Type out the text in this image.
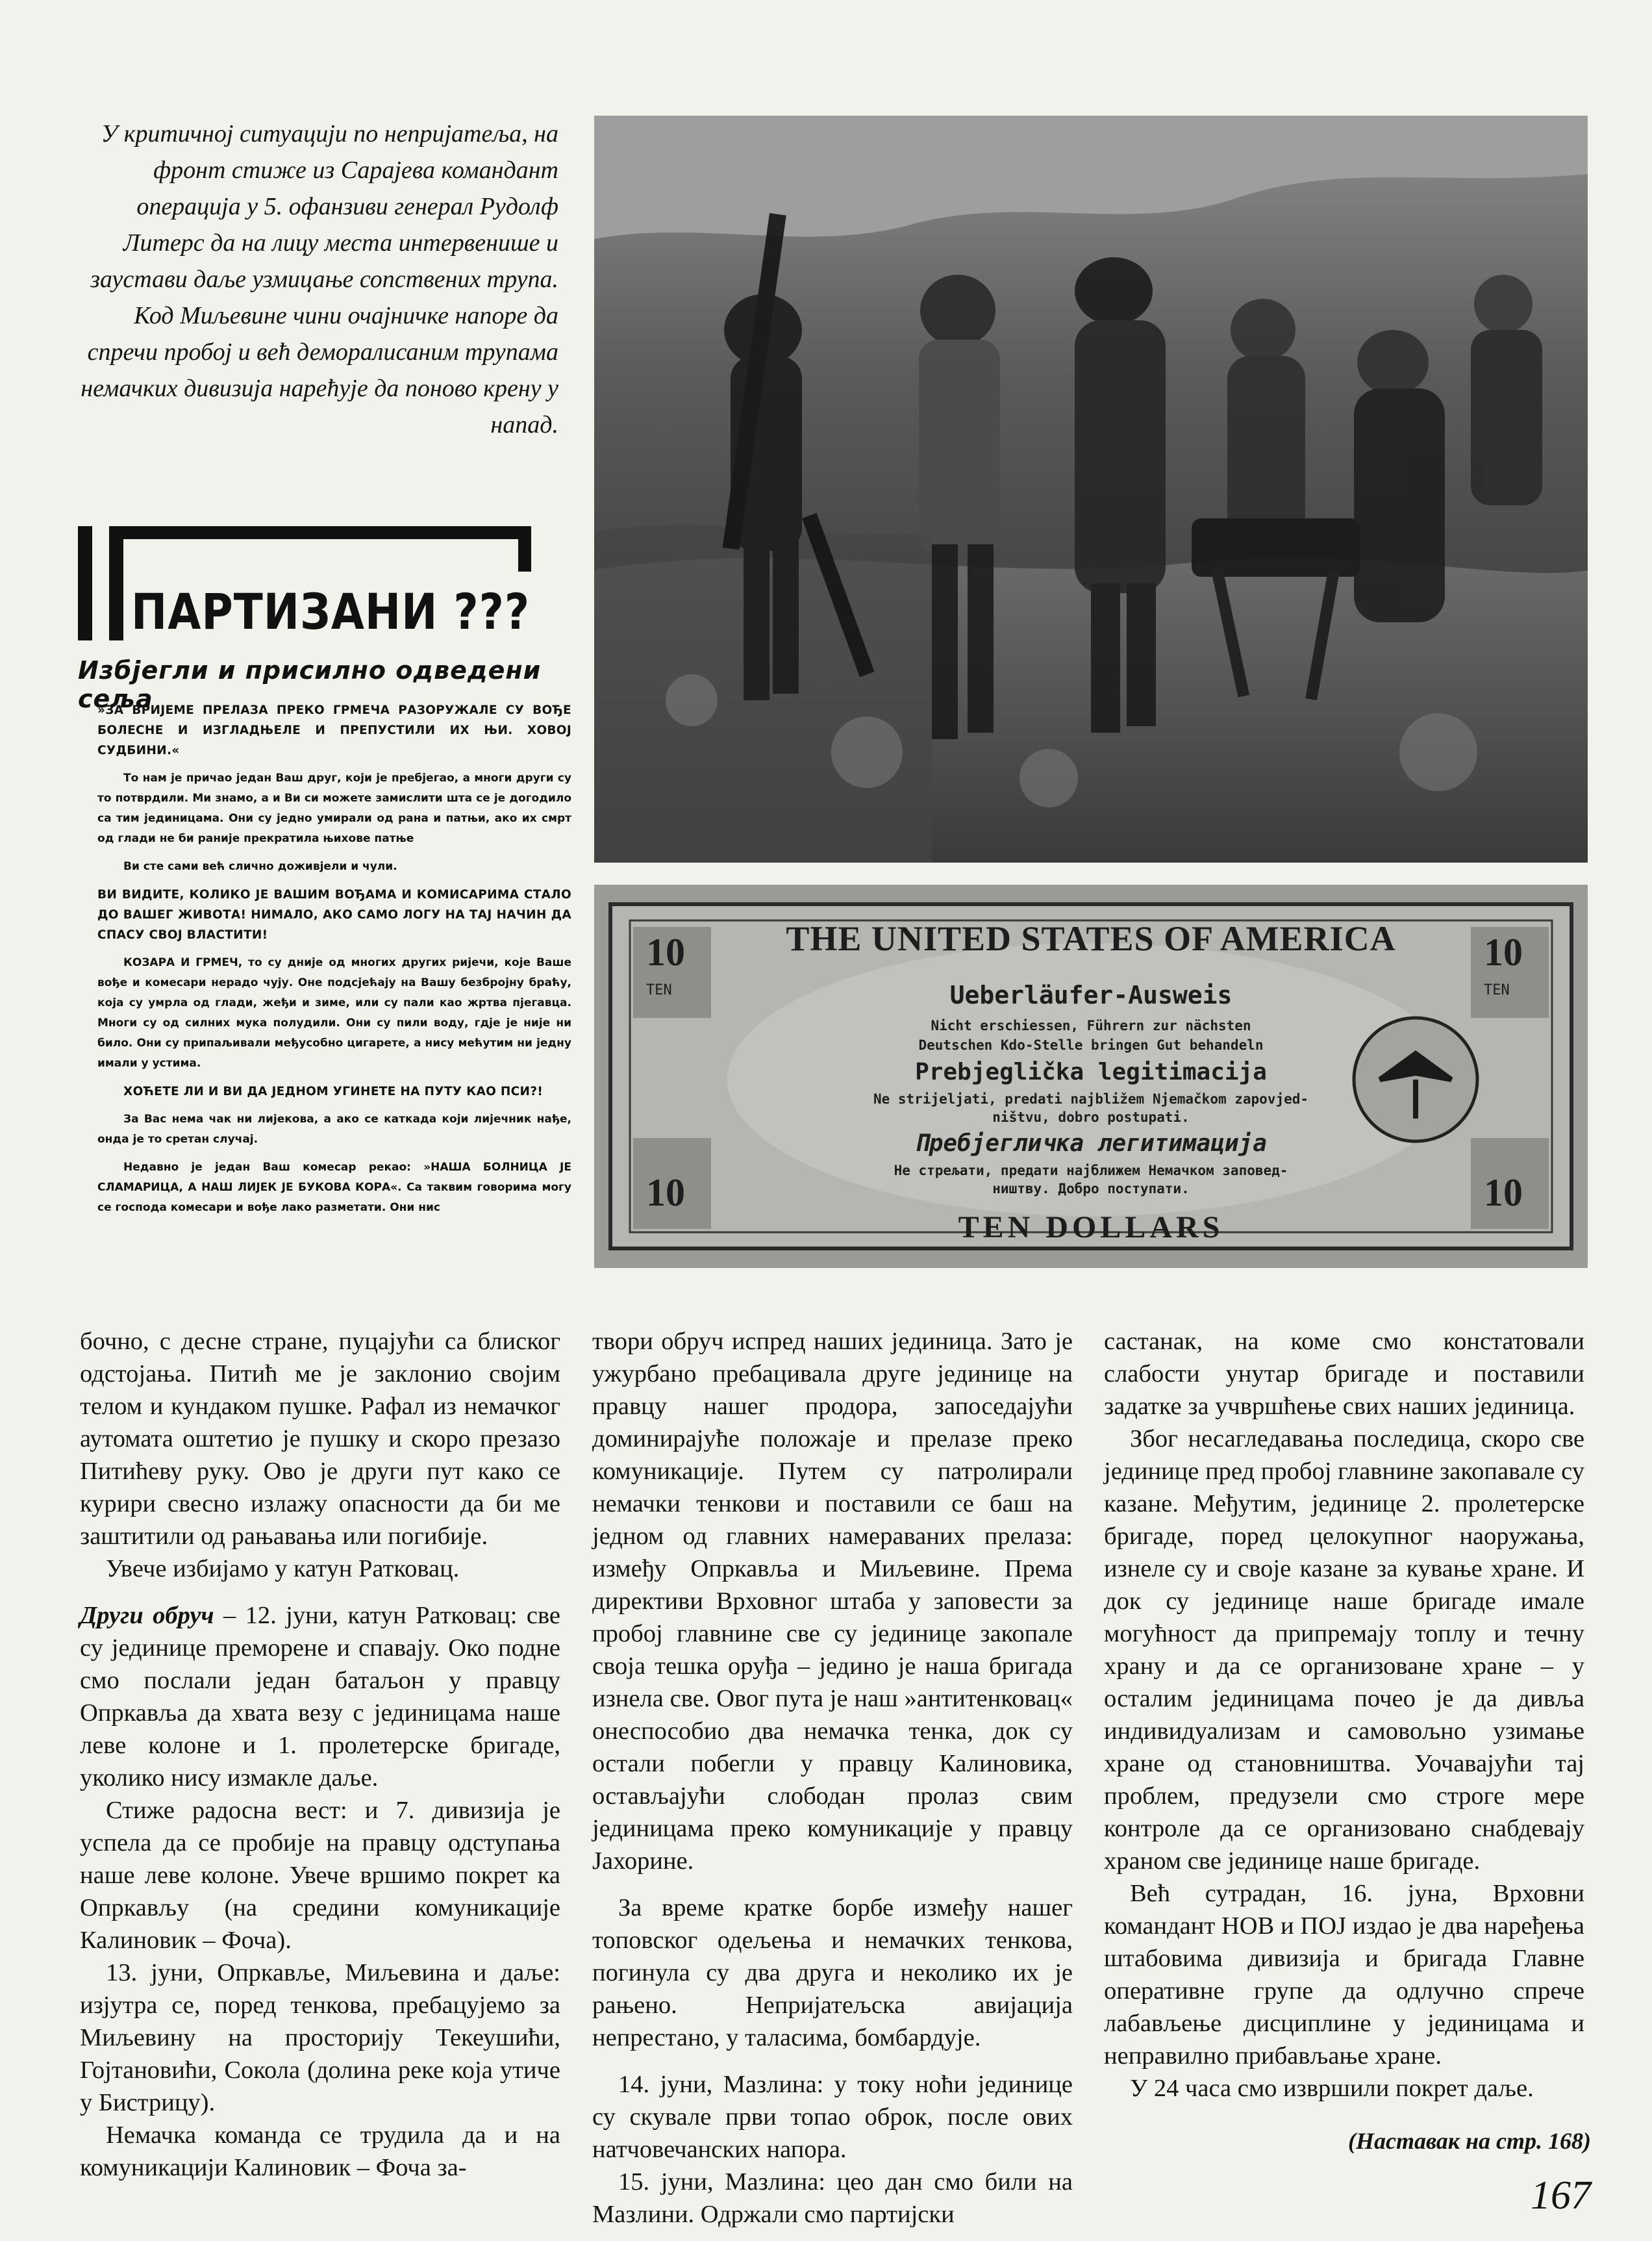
У критичној ситуацији по непријатеља, на фронт стиже из Сарајева командант операција у 5. офанзиви генерал Рудолф Литерс да на лицу места интервенише и заустави даље узмицање сопствених трупа. Код Миљевине чини очајничке напоре да спречи пробој и већ деморалисаним трупама немачких дивизија нарећује да поново крену у напад.
THE UNITED STATES OF AMERICA
10	10
TEN	TEN
10	10
Ueberläufer-Ausweis
Nicht erschiessen, Führern zur nächsten
Deutschen Kdo-Stelle bringen Gut behandeln
Prebjeglička legitimacija
Ne strijeljati, predati najbližem Njemačkom zapovjed-
ništvu, dobro postupati.
Пребјегличка легитимација
Не стрељати, предати најближем Немачком заповед-
ништву. Добро поступати.
TEN DOLLARS
ПАРТИЗАНИ ???
Избјегли и присилно одведени сеља

»ЗА ВРИЈЕМЕ ПРЕЛАЗА ПРЕКО ГРМЕЧА РАЗОРУЖАЛЕ СУ ВОЂЕ БОЛЕСНЕ И ИЗГЛАДЊЕЛЕ И ПРЕПУСТИЛИ ИХ ЊИ. ХОВОЈ СУДБИНИ.«

То нам је причао један Ваш друг, који је пребјегао, а многи други су то потврдили. Ми знамо, а и Ви си можете замислити шта се је догодило са тим јединицама. Они су једно умирали од рана и патњи, ако их смрт од глади не би раније прекратила њихове патње

Ви сте сами већ слично доживјели и чули.

ВИ ВИДИТЕ, КОЛИКО ЈЕ ВАШИМ ВОЂАМА И КОМИСАРИМА СТАЛО ДО ВАШЕГ ЖИВОТА! НИМАЛО, АКО САМО ЛОГУ НА ТАЈ НАЧИН ДА СПАСУ СВОЈ ВЛАСТИТИ!

КОЗАРА И ГРМЕЧ, то су дније од многих других ријечи, које Ваше вође и комесари нерадо чују. Оне подсјећају на Вашу безбројну браћу, која су умрла од глади, жеђи и зиме, или су пали као жртва пјегавца. Многи су од силних мука полудили. Они су пили воду, гдје је није ни било. Они су припаљивали међусобно цигарете, а нису мећутим ни једну имали у устима.

ХОЋЕТЕ ЛИ И ВИ ДА ЈЕДНОМ УГИНЕТЕ НА ПУТУ КАО ПСИ?!

За Вас нема чак ни лијекова, а ако се каткада који лијечник нађе, онда је то сретан случај.

Недавно је један Ваш комесар рекао: »НАША БОЛНИЦА ЈЕ СЛАМАРИЦА, А НАШ ЛИЈЕК ЈЕ БУКОВА КОРА«. Са таквим говорима могу се господа комесари и вође лако разметати. Они нис

бочно, с десне стране, пуцајући са блиског одстојања. Питић ме је заклонио својим телом и кундаком пушке. Рафал из немачког аутомата оштетио је пушку и скоро презазо Питићеву руку. Ово је други пут како се курири свесно излажу опасности да би ме заштитили од рањавања или погибије.

Увече избијамо у катун Ратковац.

Други обруч – 12. јуни, катун Ратковац: све су јединице преморене и спавају. Око подне смо послали један батаљон у правцу Опркавља да хвата везу с јединицама наше леве колоне и 1. пролетерске бригаде, уколико нису измакле даље.

Стиже радосна вест: и 7. дивизија је успела да се пробије на правцу одступања наше леве колоне. Увече вршимо покрет ка Опркављу (на средини комуникације Калиновик – Фоча).

13. јуни, Опркавље, Миљевина и даље: изјутра се, поред тенкова, пребацујемо за Миљевину на просторију Текеушићи, Гојтановићи, Сокола (долина реке која утиче у Бистрицу).

Немачка команда се трудила да и на комуникацији Калиновик – Фоча за-

твори обруч испред наших јединица. Зато је ужурбано пребацивала друге јединице на правцу нашег продора, запоседајући доминирајуће положаје и прелазе преко комуникације. Путем су патролирали немачки тенкови и поставили се баш на једном од главних намераваних прелаза: између Опркавља и Миљевине. Према директиви Врховног штаба у заповести за пробој главнине све су јединице закопале своја тешка оруђа – једино је наша бригада изнела све. Овог пута је наш »антитенковац« онеспособио два немачка тенка, док су остали побегли у правцу Калиновика, остављајући слободан пролаз свим јединицама преко комуникације у правцу Јахорине.

За време кратке борбе између нашег топовског одељења и немачких тенкова, погинула су два друга и неколико их је рањено. Непријатељска авијација непрестано, у таласима, бомбардује.

14. јуни, Мазлина: у току ноћи јединице су скувале први топао оброк, после ових натчовечанских напора.

15. јуни, Мазлина: цео дан смо били на Мазлини. Одржали смо партијски

састанак, на коме смо констатовали слабости унутар бригаде и поставили задатке за учвршћење свих наших јединица.

Због несагледавања последица, скоро све јединице пред пробој главнине закопавале су казане. Међутим, јединице 2. пролетерске бригаде, поред целокупног наоружања, изнеле су и своје казане за кување хране. И док су јединице наше бригаде имале могућност да припремају топлу и течну храну и да се организоване хране – у осталим јединицама почео је да дивља индивидуализам и самовољно узимање хране од становништва. Уочавајући тај проблем, предузели смо строге мере контроле да се организовано снабдевају храном све јединице наше бригаде.

Већ сутрадан, 16. јуна, Врховни командант НОВ и ПОЈ издао је два наређења штабовима дивизија и бригада Главне оперативне групе да одлучно спрече лабављење дисциплине у јединицама и неправилно прибављање хране.

У 24 часа смо извршили покрет даље.

(Наставак на стр. 168)
167
